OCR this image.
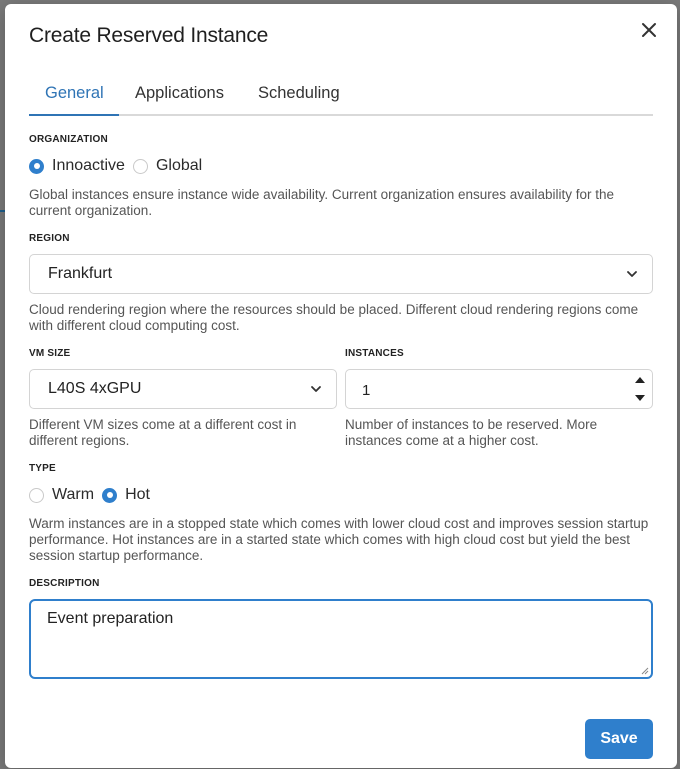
Create Reserved Instance
General Applications Scheduling
ORGANIZATION
Innoactive Global
Global instances ensure instance wide availability. Current organization ensures availability for the current organization.
REGION
Frankfurt
Cloud rendering region where the resources should be placed. Different cloud rendering regions come with different cloud computing cost.
VM SIZE
L40S 4xGPU
Different VM sizes come at a different cost in different regions.
INSTANCES
1
Number of instances to be reserved. More instances come at a higher cost.
TYPE
Warm Hot
Warm instances are in a stopped state which comes with lower cloud cost and improves session startup performance. Hot instances are in a started state which comes with high cloud cost but yield the best session startup performance.
DESCRIPTION
Event preparation
Save
